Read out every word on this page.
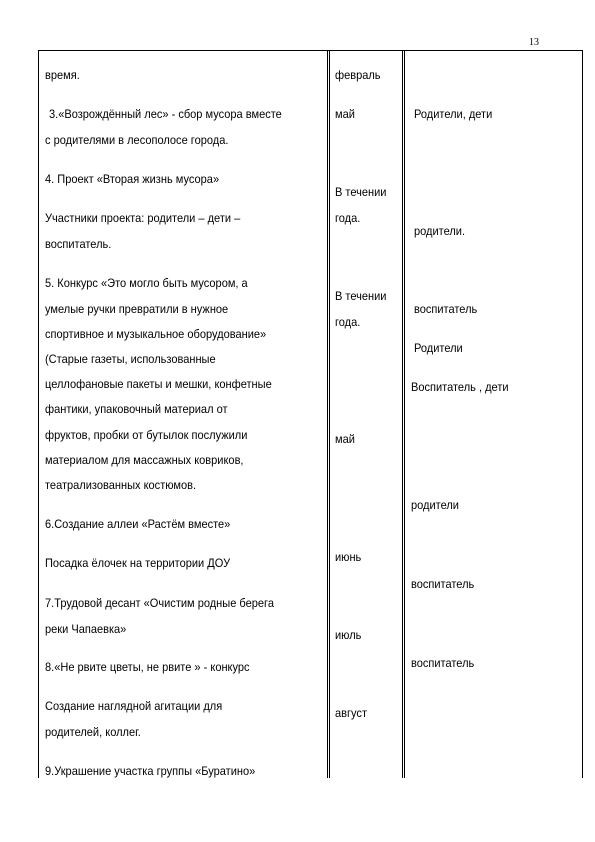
13
время.
3.«Возрождённый лес» - сбор мусора вместе
с родителями в лесополосе города.
4. Проект «Вторая жизнь мусора»
Участники проекта: родители – дети –
воспитатель.
5. Конкурс «Это могло быть мусором, а
умелые ручки превратили в нужное
спортивное и музыкальное оборудование»
(Старые газеты, использованные
целлофановые пакеты и мешки, конфетные
фантики, упаковочный материал от
фруктов, пробки от бутылок послужили
материалом для массажных ковриков,
театрализованных костюмов.
6.Создание аллеи «Растём вместе»
Посадка ёлочек на территории ДОУ
7.Трудовой десант «Очистим родные берега
реки Чапаевка»
8.«Не рвите цветы, не рвите » - конкурс
Создание наглядной агитации для
родителей, коллег.
9.Украшение участка группы «Буратино»
февраль
май
В течении
года.
В течении
года.
май
июнь
июль
август
Родители, дети
родители.
воспитатель
Родители
Воспитатель , дети
родители
воспитатель
воспитатель
